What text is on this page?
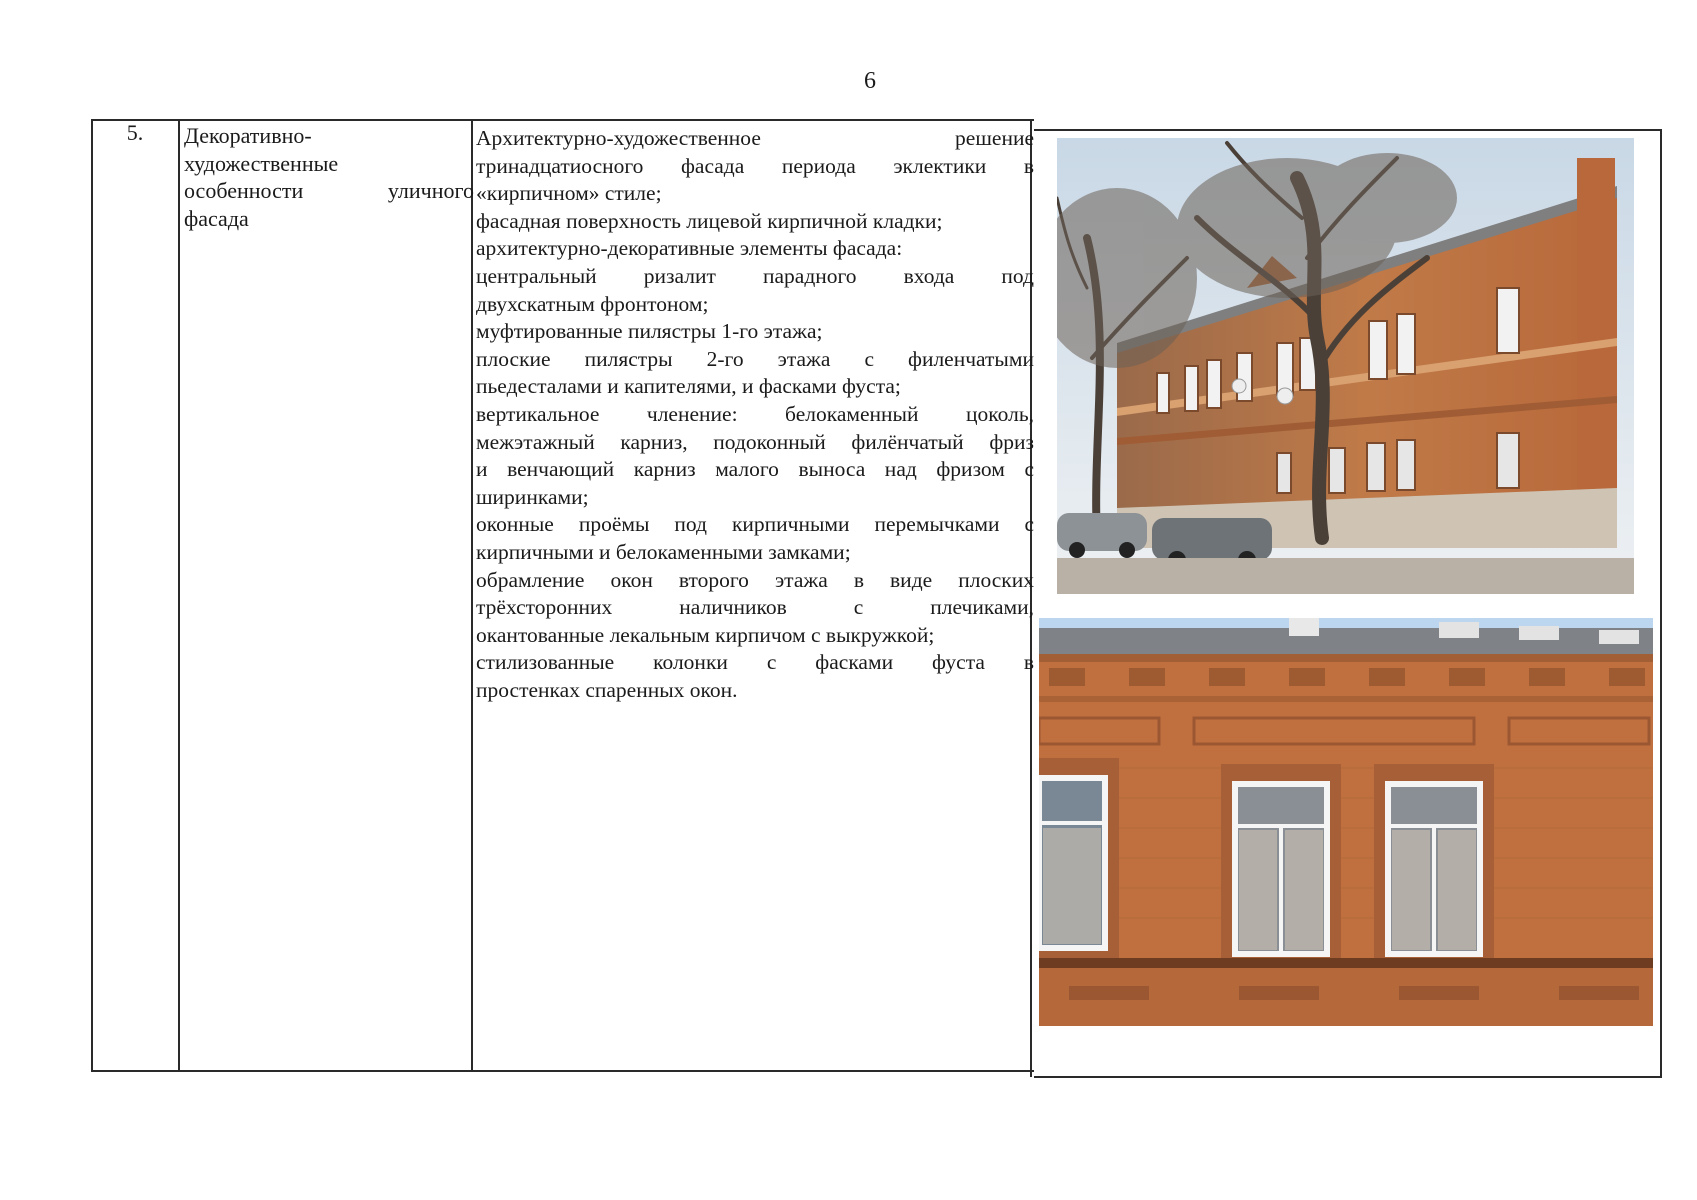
6
5.	Декоративно-
художественные
особенности уличного
фасада
Архитектурно-художественное решение
тринадцатиосного фасада периода эклектики в
«кирпичном» стиле;
фасадная поверхность лицевой кирпичной кладки;
архитектурно-декоративные элементы фасада:
центральный ризалит парадного входа под
двухскатным фронтоном;
муфтированные пилястры 1-го этажа;
плоские пилястры 2-го этажа с филенчатыми
пьедесталами и капителями, и фасками фуста;
вертикальное членение: белокаменный цоколь,
межэтажный карниз, подоконный филёнчатый фриз
и венчающий карниз малого выноса над фризом с
ширинками;
оконные проёмы под кирпичными перемычками с
кирпичными и белокаменными замками;
обрамление окон второго этажа в виде плоских
трёхсторонних наличников с плечиками,
окантованные лекальным кирпичом с выкружкой;
стилизованные колонки с фасками фуста в
простенках спаренных окон.
